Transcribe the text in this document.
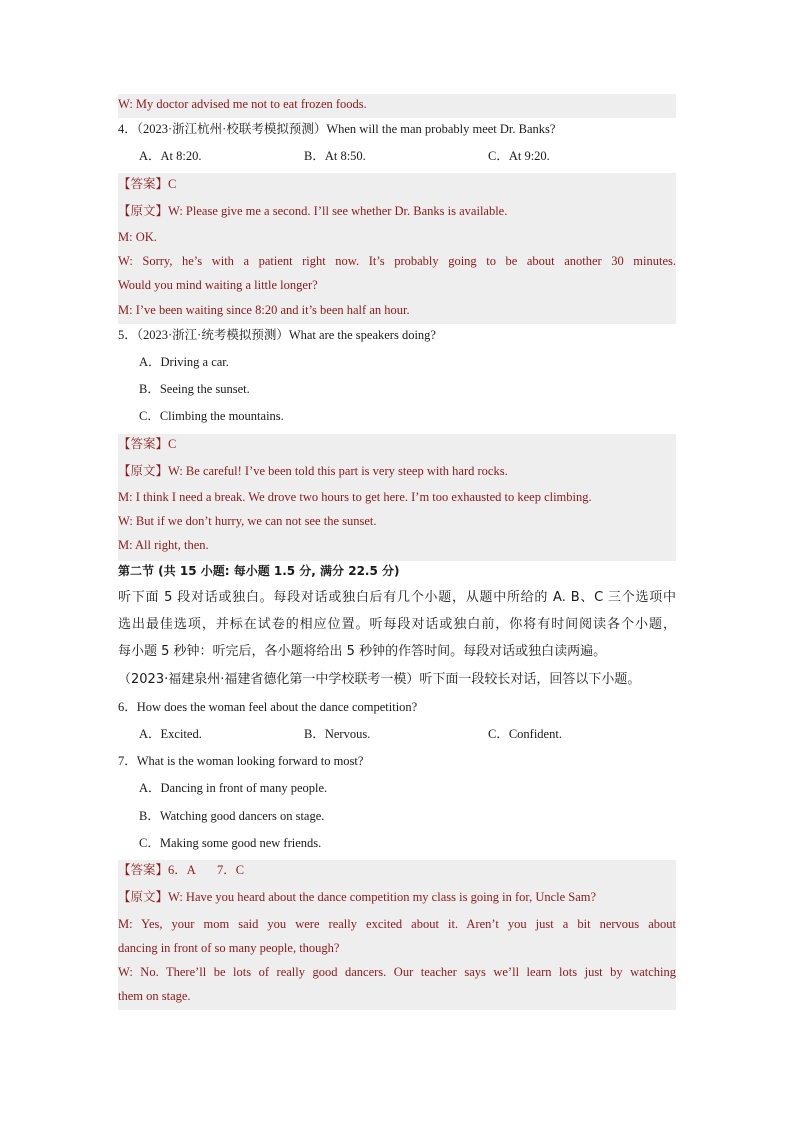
W: My doctor advised me not to eat frozen foods.
4．（2023·浙江杭州·校联考模拟预测）When will the man probably meet Dr. Banks?
A．At 8:20.	B．At 8:50.	C．At 9:20.
【答案】C
【原文】W: Please give me a second. I’ll see whether Dr. Banks is available.
M: OK.
W: Sorry, he’s with a patient right now. It’s probably going to be about another 30 minutes.
Would you mind waiting a little longer?
M: I’ve been waiting since 8:20 and it’s been half an hour.
5．（2023·浙江·统考模拟预测）What are the speakers doing?
A．Driving a car.
B．Seeing the sunset.
C．Climbing the mountains.
【答案】C
【原文】W: Be careful! I’ve been told this part is very steep with hard rocks.
M: I think I need a break. We drove two hours to get here. I’m too exhausted to keep climbing.
W: But if we don’t hurry, we can not see the sunset.
M: All right, then.
第二节 (共 15 小题: 每小题 1.5 分, 满分 22.5 分)
听下面 5 段对话或独白。每段对话或独白后有几个小题，从题中所给的 A. B、C 三个选项中
选出最佳选项，并标在试卷的相应位置。听每段对话或独白前，你将有时间阅读各个小题，
每小题 5 秒钟：听完后，各小题将给出 5 秒钟的作答时间。每段对话或独白读两遍。
（2023·福建泉州·福建省德化第一中学校联考一模）听下面一段较长对话，回答以下小题。
6．How does the woman feel about the dance competition?
A．Excited.	B．Nervous.	C．Confident.
7．What is the woman looking forward to most?
A．Dancing in front of many people.
B．Watching good dancers on stage.
C．Making some good new friends.
【答案】6．A       7．C
【原文】W: Have you heard about the dance competition my class is going in for, Uncle Sam?
M: Yes, your mom said you were really excited about it. Aren’t you just a bit nervous about
dancing in front of so many people, though?
W: No. There’ll be lots of really good dancers. Our teacher says we’ll learn lots just by watching
them on stage.
